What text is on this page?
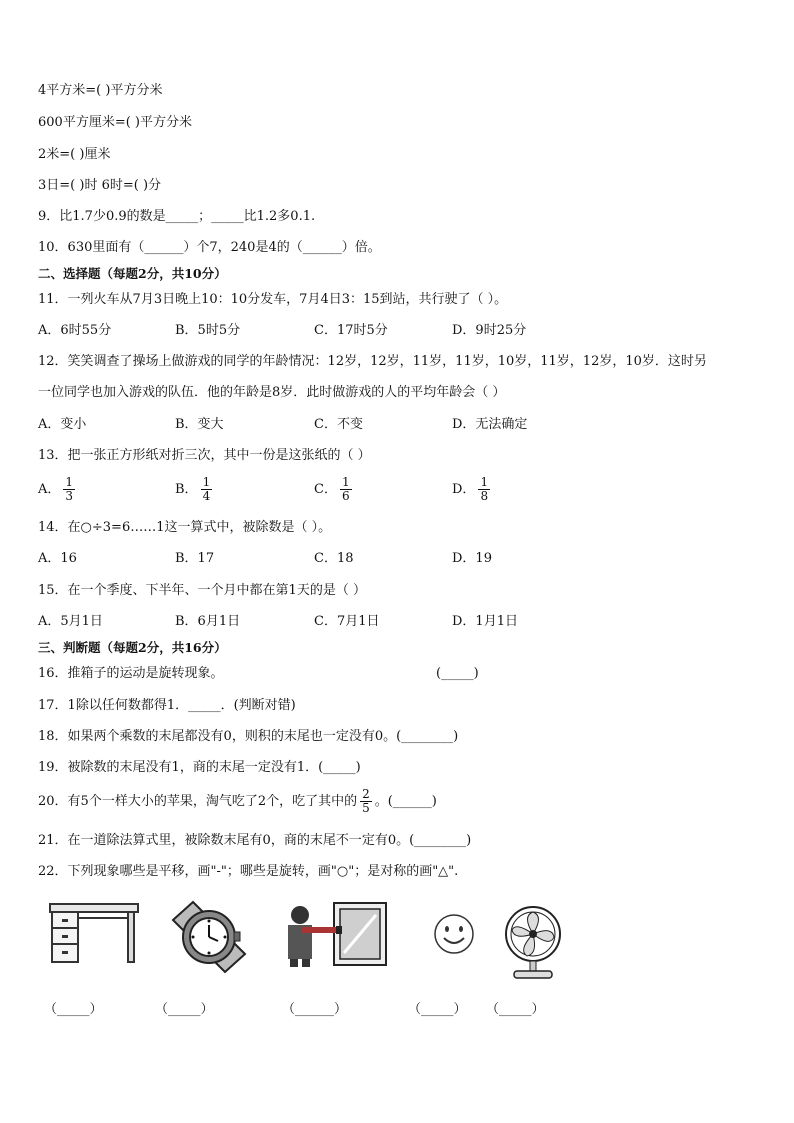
4平方米=( )平方分米
600平方厘米=( )平方分米
2米=( )厘米
3日=( )时 6时=( )分
9．比1.7少0.9的数是_____；_____比1.2多0.1.
10．630里面有（______）个7，240是4的（______）倍。
二、选择题（每题2分，共10分）
11．一列火车从7月3日晚上10：10分发车，7月4日3：15到站，共行驶了（ ）。
A．6时55分	B．5时5分	C．17时5分	D．9时25分
12．笑笑调查了操场上做游戏的同学的年龄情况：12岁，12岁，11岁，11岁，10岁，11岁，12岁，10岁．这时另
一位同学也加入游戏的队伍．他的年龄是8岁．此时做游戏的人的平均年龄会（ ）
A．变小	B．变大	C．不变	D．无法确定
13．把一张正方形纸对折三次，其中一份是这张纸的（ ）
A． $\frac{1}{3}$	B． $\frac{1}{4}$	C． $\frac{1}{6}$	D． $\frac{1}{8}$
14．在○÷3=6……1这一算式中，被除数是（ ）。
A．16	B．17	C．18	D．19
15．在一个季度、下半年、一个月中都在第1天的是（ ）
A．5月1日	B．6月1日	C．7月1日	D．1月1日
三、判断题（每题2分，共16分）
16．推箱子的运动是旋转现象。	(_____)
17．1除以任何数都得1．_____．(判断对错)
18．如果两个乘数的末尾都没有0，则积的末尾也一定没有0。(________)
19．被除数的末尾没有1，商的末尾一定没有1．(_____)
20．有5个一样大小的苹果，淘气吃了2个，吃了其中的 $\frac{2}{5}$ 。(______)
21．在一道除法算式里，被除数末尾有0，商的末尾不一定有0。(________)
22．下列现象哪些是平移，画"-"；哪些是旋转，画"○"；是对称的画"△".
（_____）	（_____）	（______）	（_____） （_____）
